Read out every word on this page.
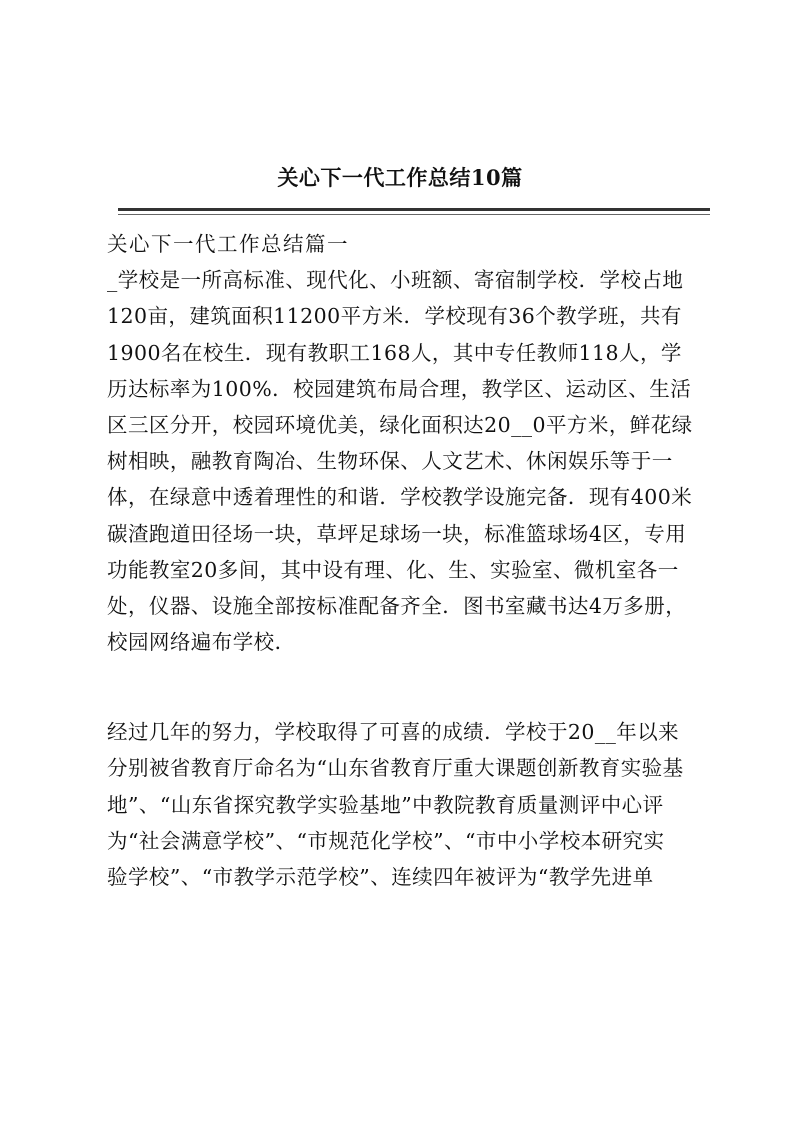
关心下一代工作总结10篇
关心下一代工作总结篇一
_学校是一所高标准、现代化、小班额、寄宿制学校．学校占地
120亩，建筑面积11200平方米．学校现有36个教学班，共有
1900名在校生．现有教职工168人，其中专任教师118人，学
历达标率为100%．校园建筑布局合理，教学区、运动区、生活
区三区分开，校园环境优美，绿化面积达20__0平方米，鲜花绿
树相映，融教育陶冶、生物环保、人文艺术、休闲娱乐等于一
体，在绿意中透着理性的和谐．学校教学设施完备．现有400米
碳渣跑道田径场一块，草坪足球场一块，标准篮球场4区，专用
功能教室20多间，其中设有理、化、生、实验室、微机室各一
处，仪器、设施全部按标准配备齐全．图书室藏书达4万多册，
校园网络遍布学校．
经过几年的努力，学校取得了可喜的成绩．学校于20__年以来
分别被省教育厅命名为“山东省教育厅重大课题创新教育实验基
地”、“山东省探究教学实验基地”中教院教育质量测评中心评
为“社会满意学校”、“市规范化学校”、“市中小学校本研究实
验学校”、“市教学示范学校”、连续四年被评为“教学先进单
